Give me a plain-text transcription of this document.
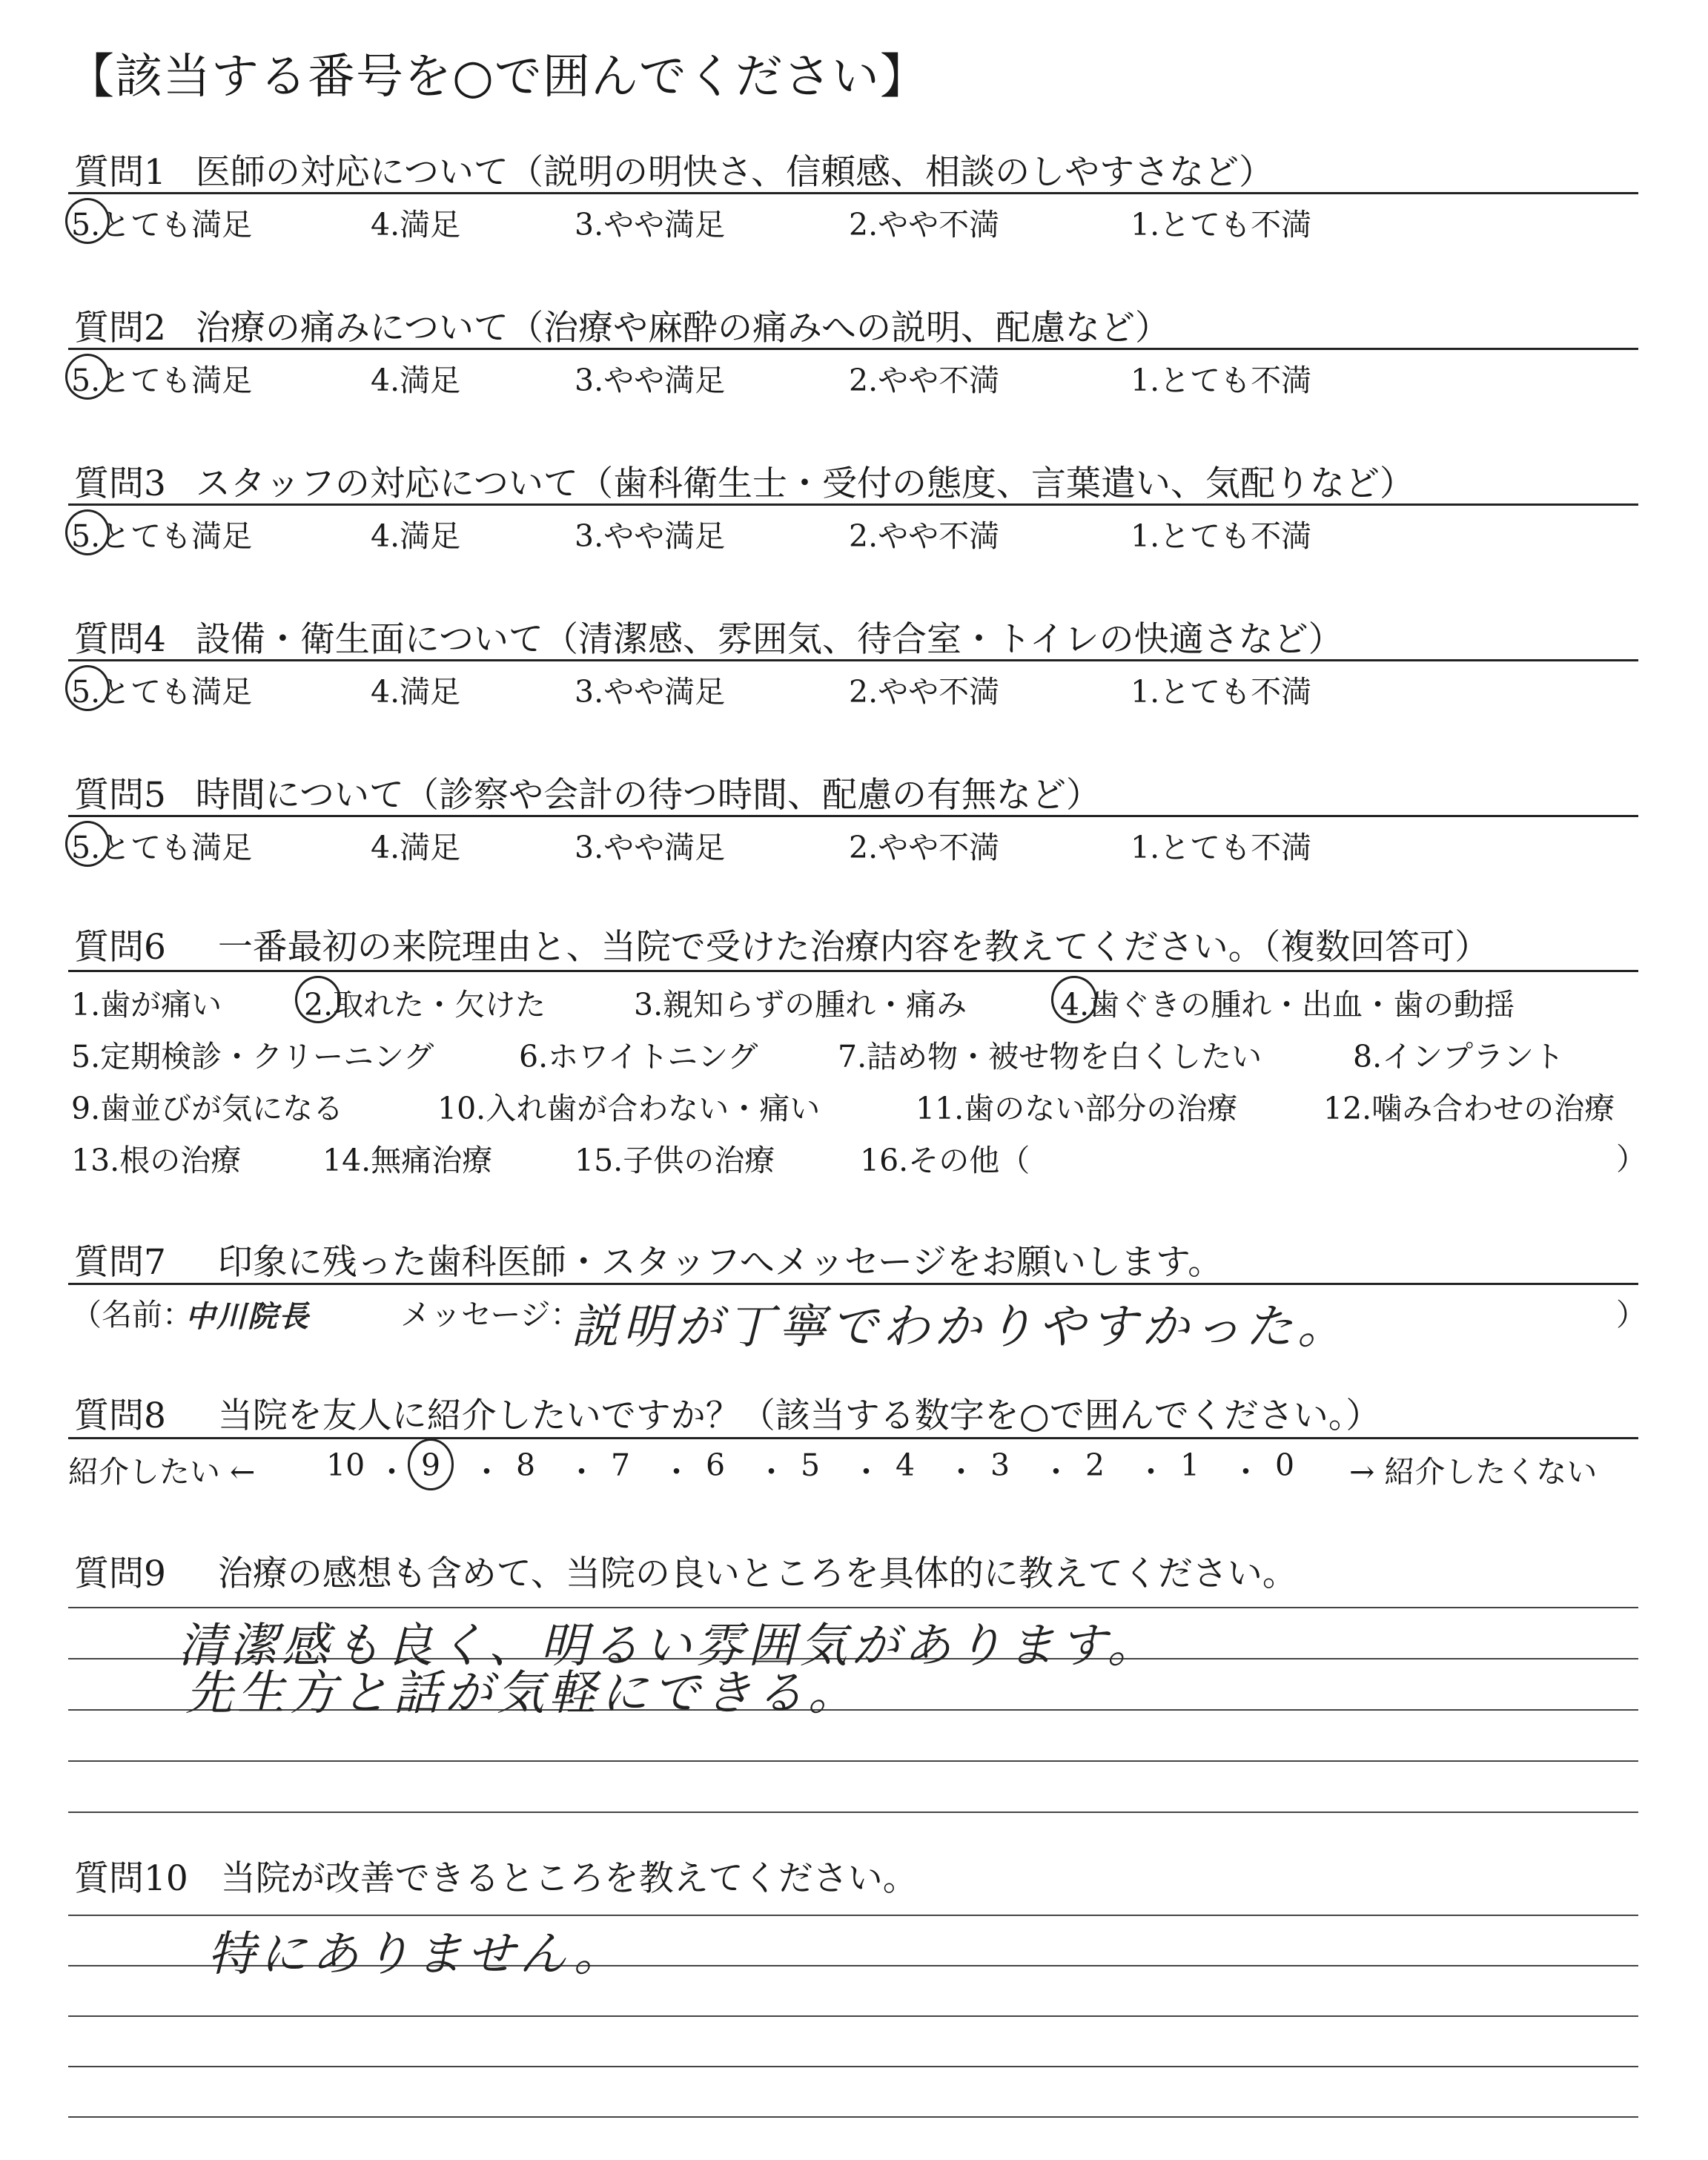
【該当する番号を○で囲んでください】
質問1 医師の対応について（説明の明快さ、信頼感、相談のしやすさなど）
5.とても満足	4.満足	3.やや満足	2.やや不満	1.とても不満
質問2 治療の痛みについて（治療や麻酔の痛みへの説明、配慮など）
5.とても満足	4.満足	3.やや満足	2.やや不満	1.とても不満
質問3 スタッフの対応について（歯科衛生士・受付の態度、言葉遣い、気配りなど）
5.とても満足	4.満足	3.やや満足	2.やや不満	1.とても不満
質問4 設備・衛生面について（清潔感、雰囲気、待合室・トイレの快適さなど）
5.とても満足	4.満足	3.やや満足	2.やや不満	1.とても不満
質問5 時間について（診察や会計の待つ時間、配慮の有無など）
5.とても満足	4.満足	3.やや満足	2.やや不満	1.とても不満
質問6 一番最初の来院理由と、当院で受けた治療内容を教えてください。（複数回答可）
1.歯が痛い	2.取れた・欠けた	3.親知らずの腫れ・痛み	4.歯ぐきの腫れ・出血・歯の動揺
5.定期検診・クリーニング	6.ホワイトニング	7.詰め物・被せ物を白くしたい	8.インプラント
9.歯並びが気になる	10.入れ歯が合わない・痛い	11.歯のない部分の治療	12.噛み合わせの治療
13.根の治療	14.無痛治療	15.子供の治療	16.その他（	）
質問7 印象に残った歯科医師・スタッフへメッセージをお願いします。
（名前：
中川院長	メッセージ：
説明が丁寧でわかりやすかった。	）
質問8 当院を友人に紹介したいですか？（該当する数字を○で囲んでください。）
紹介したい ← 10 ・ 9 ・ 8 ・ 7 ・ 6 ・ 5 ・ 4 ・ 3 ・ 2 ・ 1 ・ 0 → 紹介したくない
質問9 治療の感想も含めて、当院の良いところを具体的に教えてください。
清潔感も良く、明るい雰囲気があります。
先生方と話が気軽にできる。
質問10 当院が改善できるところを教えてください。
特にありません。
